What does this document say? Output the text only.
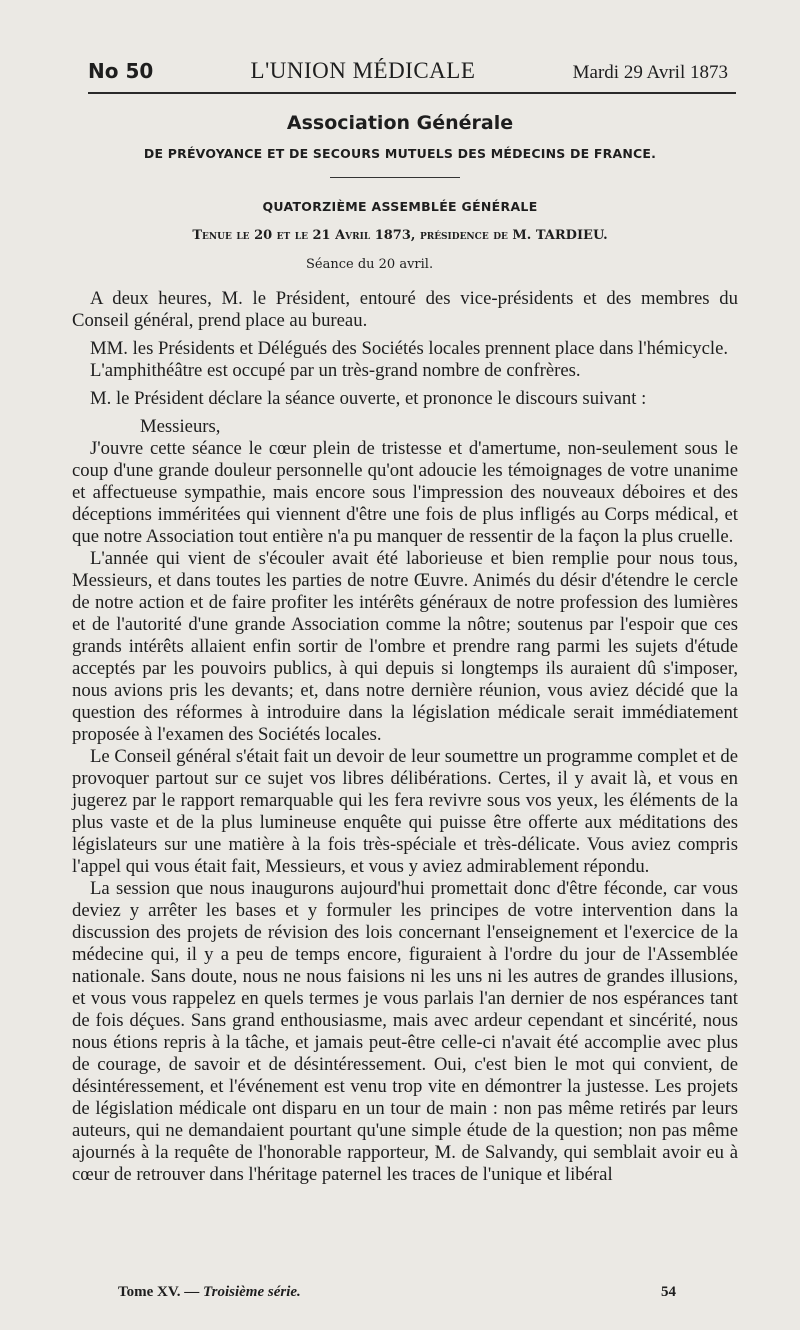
No 50	L'UNION MÉDICALE	Mardi 29 Avril 1873
Association Générale
DE PRÉVOYANCE ET DE SECOURS MUTUELS DES MÉDECINS DE FRANCE.
QUATORZIÈME ASSEMBLÉE GÉNÉRALE
Tenue le 20 et le 21 Avril 1873, présidence de M. TARDIEU.
Séance du 20 avril.

A deux heures, M. le Président, entouré des vice-présidents et des membres du Conseil général, prend place au bureau.

MM. les Présidents et Délégués des Sociétés locales prennent place dans l'hémicycle.

L'amphithéâtre est occupé par un très-grand nombre de confrères.

M. le Président déclare la séance ouverte, et prononce le discours suivant :

Messieurs,

J'ouvre cette séance le cœur plein de tristesse et d'amertume, non-seulement sous le coup d'une grande douleur personnelle qu'ont adoucie les témoignages de votre unanime et affectueuse sympathie, mais encore sous l'impression des nouveaux déboires et des déceptions imméritées qui viennent d'être une fois de plus infligés au Corps médical, et que notre Association tout entière n'a pu manquer de ressentir de la façon la plus cruelle.

L'année qui vient de s'écouler avait été laborieuse et bien remplie pour nous tous, Messieurs, et dans toutes les parties de notre Œuvre. Animés du désir d'étendre le cercle de notre action et de faire profiter les intérêts généraux de notre profession des lumières et de l'autorité d'une grande Association comme la nôtre; soutenus par l'espoir que ces grands intérêts allaient enfin sortir de l'ombre et prendre rang parmi les sujets d'étude acceptés par les pouvoirs publics, à qui depuis si longtemps ils auraient dû s'imposer, nous avions pris les devants; et, dans notre dernière réunion, vous aviez décidé que la question des réformes à introduire dans la législation médicale serait immédiatement proposée à l'examen des Sociétés locales.

Le Conseil général s'était fait un devoir de leur soumettre un programme complet et de provoquer partout sur ce sujet vos libres délibérations. Certes, il y avait là, et vous en jugerez par le rapport remarquable qui les fera revivre sous vos yeux, les éléments de la plus vaste et de la plus lumineuse enquête qui puisse être offerte aux méditations des législateurs sur une matière à la fois très-spéciale et très-délicate. Vous aviez compris l'appel qui vous était fait, Messieurs, et vous y aviez admirablement répondu.

La session que nous inaugurons aujourd'hui promettait donc d'être féconde, car vous deviez y arrêter les bases et y formuler les principes de votre intervention dans la discussion des projets de révision des lois concernant l'enseignement et l'exercice de la médecine qui, il y a peu de temps encore, figuraient à l'ordre du jour de l'Assemblée nationale. Sans doute, nous ne nous faisions ni les uns ni les autres de grandes illusions, et vous vous rappelez en quels termes je vous parlais l'an dernier de nos espérances tant de fois déçues. Sans grand enthousiasme, mais avec ardeur cependant et sincérité, nous nous étions repris à la tâche, et jamais peut-être celle-ci n'avait été accomplie avec plus de courage, de savoir et de désintéressement. Oui, c'est bien le mot qui convient, de désintéressement, et l'événement est venu trop vite en démontrer la justesse. Les projets de législation médicale ont disparu en un tour de main : non pas même retirés par leurs auteurs, qui ne demandaient pourtant qu'une simple étude de la question; non pas même ajournés à la requête de l'honorable rapporteur, M. de Salvandy, qui semblait avoir eu à cœur de retrouver dans l'héritage paternel les traces de l'unique et libéral

Tome XV. — Troisième série.	54
